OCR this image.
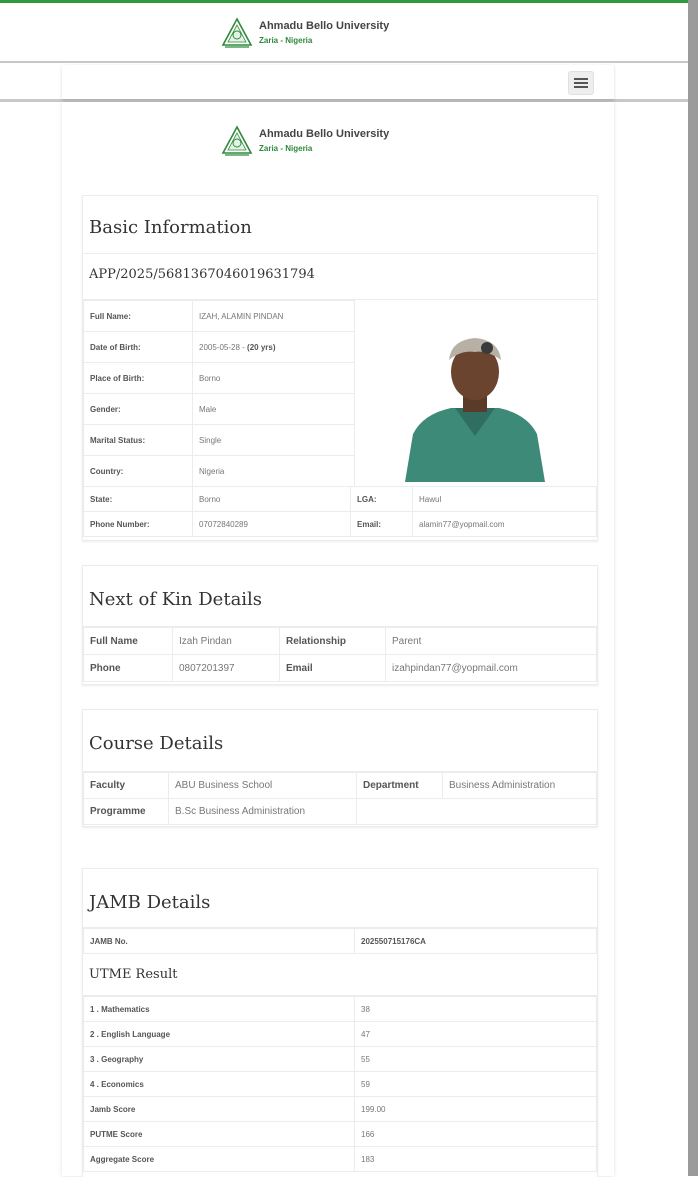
Ahmadu Bello University
Zaria - Nigeria
Ahmadu Bello University
Zaria - Nigeria
Basic Information
APP/2025/5681367046019631794
Full Name:	IZAH, ALAMIN PINDAN
Date of Birth:	2005-05-28 - (20 yrs)
Place of Birth:	Borno
Gender:	Male
Marital Status:	Single
Country:	Nigeria
State:	Borno	LGA:	Hawul
Phone Number:	07072840289	Email:	alamin77@yopmail.com
Next of Kin Details
Full Name	Izah Pindan	Relationship	Parent
Phone	0807201397	Email	izahpindan77@yopmail.com
Course Details
Faculty	ABU Business School	Department	Business Administration
Programme	B.Sc Business Administration		
JAMB Details
JAMB No.	202550715176CA
UTME Result
1 . Mathematics	38
2 . English Language	47
3 . Geography	55
4 . Economics	59
Jamb Score	199.00
PUTME Score	166
Aggregate Score	183
